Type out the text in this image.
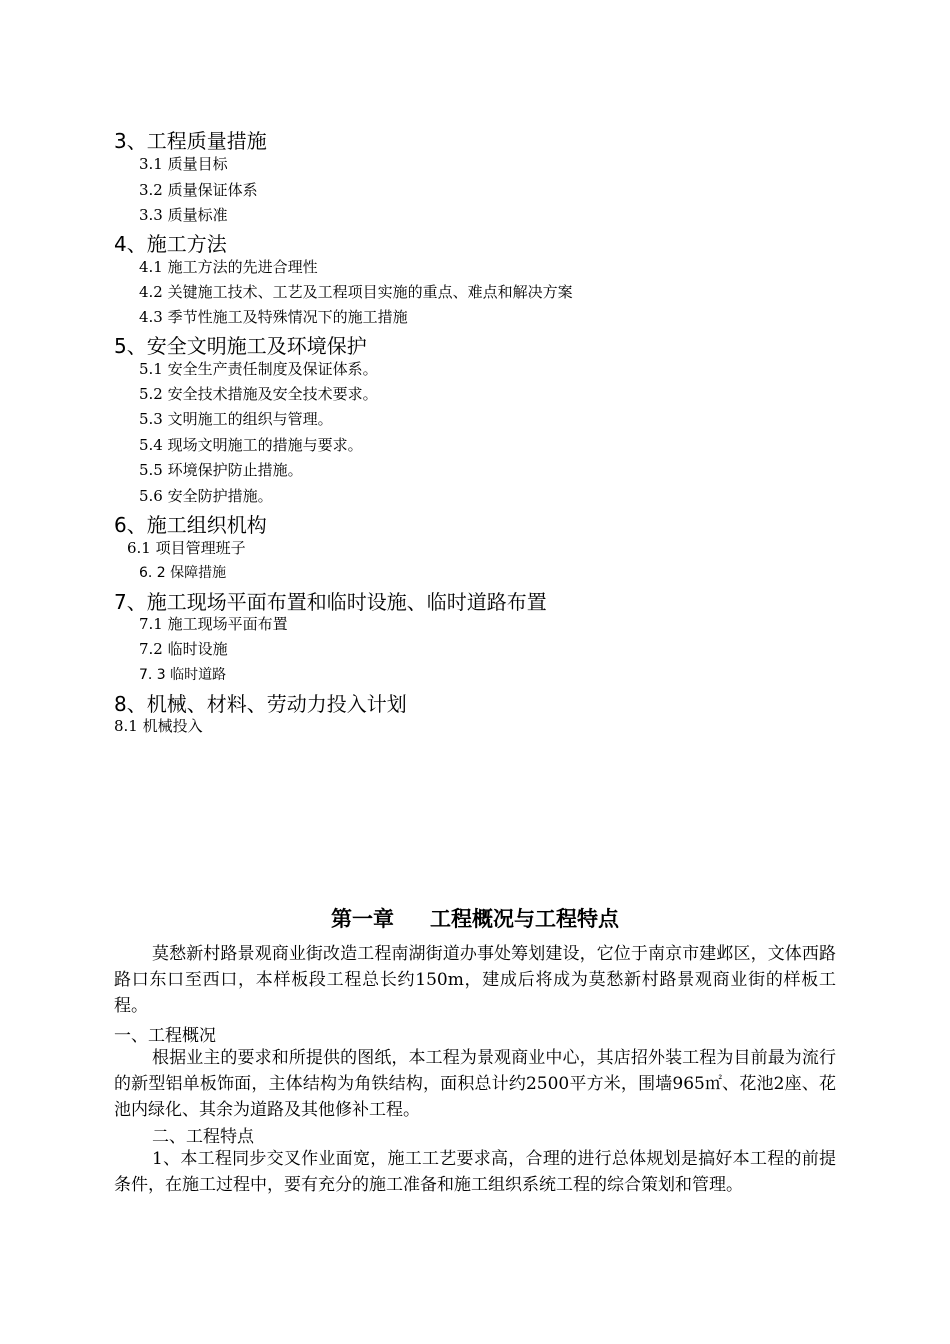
3、工程质量措施
3.1 质量目标
3.2 质量保证体系
3.3 质量标准
4、施工方法
4.1 施工方法的先进合理性
4.2 关键施工技术、工艺及工程项目实施的重点、难点和解决方案
4.3 季节性施工及特殊情况下的施工措施
5、安全文明施工及环境保护
5.1 安全生产责任制度及保证体系。
5.2 安全技术措施及安全技术要求。
5.3 文明施工的组织与管理。
5.4 现场文明施工的措施与要求。
5.5 环境保护防止措施。
5.6 安全防护措施。
6、施工组织机构
6.1 项目管理班子
6. 2 保障措施
7、施工现场平面布置和临时设施、临时道路布置
7.1 施工现场平面布置
7.2 临时设施
7. 3 临时道路
8、机械、材料、劳动力投入计划
8.1 机械投入
第一章 工程概况与工程特点
莫愁新村路景观商业街改造工程南湖街道办事处筹划建设，它位于南京市建邺区，文体西路路口东口至西口，本样板段工程总长约150m，建成后将成为莫愁新村路景观商业街的样板工程。
一、工程概况
根据业主的要求和所提供的图纸，本工程为景观商业中心，其店招外装工程为目前最为流行的新型铝单板饰面，主体结构为角铁结构，面积总计约2500平方米，围墙965㎡、花池2座、花池内绿化、其余为道路及其他修补工程。
二、工程特点
1、本工程同步交叉作业面宽，施工工艺要求高，合理的进行总体规划是搞好本工程的前提条件，在施工过程中，要有充分的施工准备和施工组织系统工程的综合策划和管理。
